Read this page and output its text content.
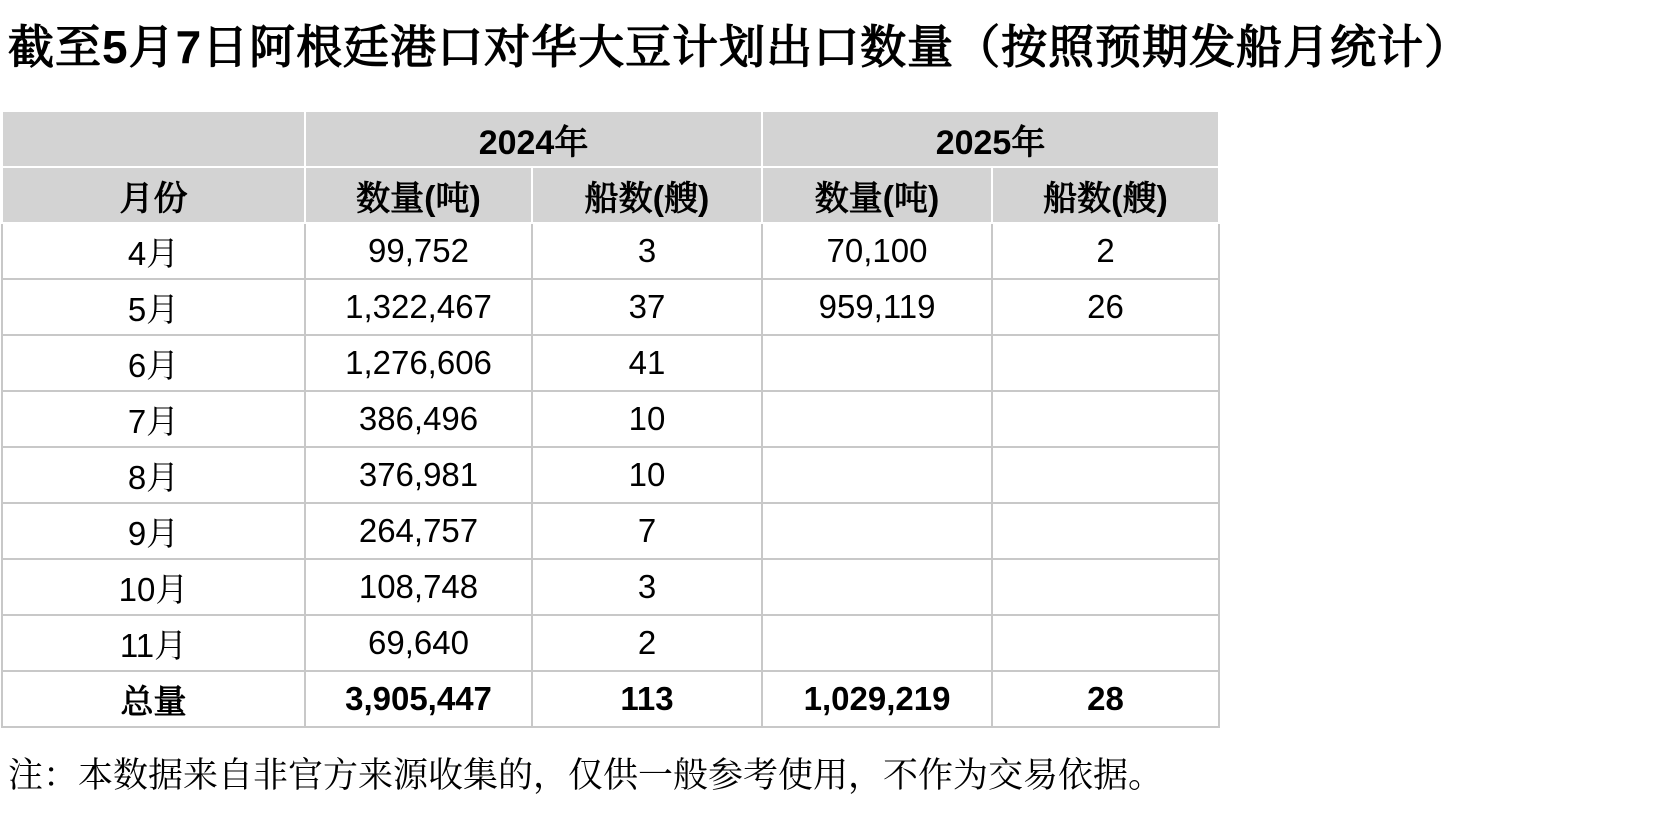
截至5月7日阿根廷港口对华大豆计划出口数量（按照预期发船月统计）
	2024年		2025年	
月份	数量(吨)	船数(艘)	数量(吨)	船数(艘)
4月	99,752	3	70,100	2
5月	1,322,467	37	959,119	26
6月	1,276,606	41		
7月	386,496	10		
8月	376,981	10		
9月	264,757	7		
10月	108,748	3		
11月	69,640	2		
总量	3,905,447	113	1,029,219	28
注：本数据来自非官方来源收集的，仅供一般参考使用，不作为交易依据。
